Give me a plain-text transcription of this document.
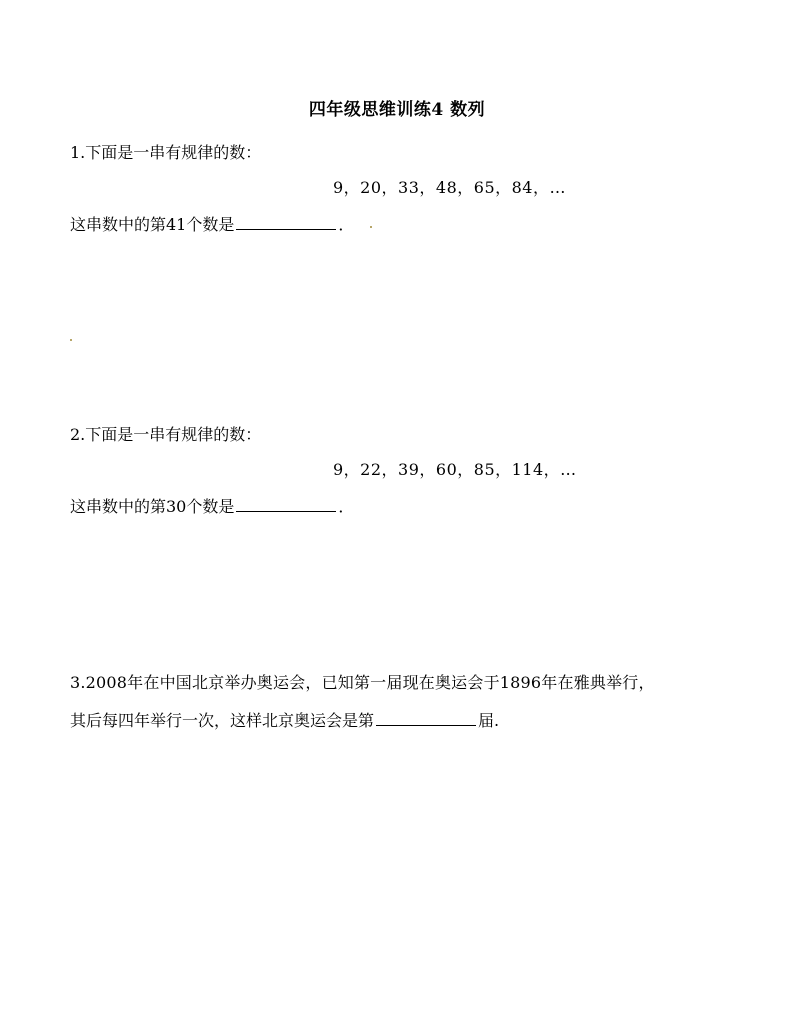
四年级思维训练4 数列
1.下面是一串有规律的数：
9，20，33，48，65，84，…
这串数中的第41个数是	．
2.下面是一串有规律的数：
9，22，39，60，85，114，…
这串数中的第30个数是	．
3.2008年在中国北京举办奥运会，已知第一届现在奥运会于1896年在雅典举行，
其后每四年举行一次，这样北京奥运会是第	届.
